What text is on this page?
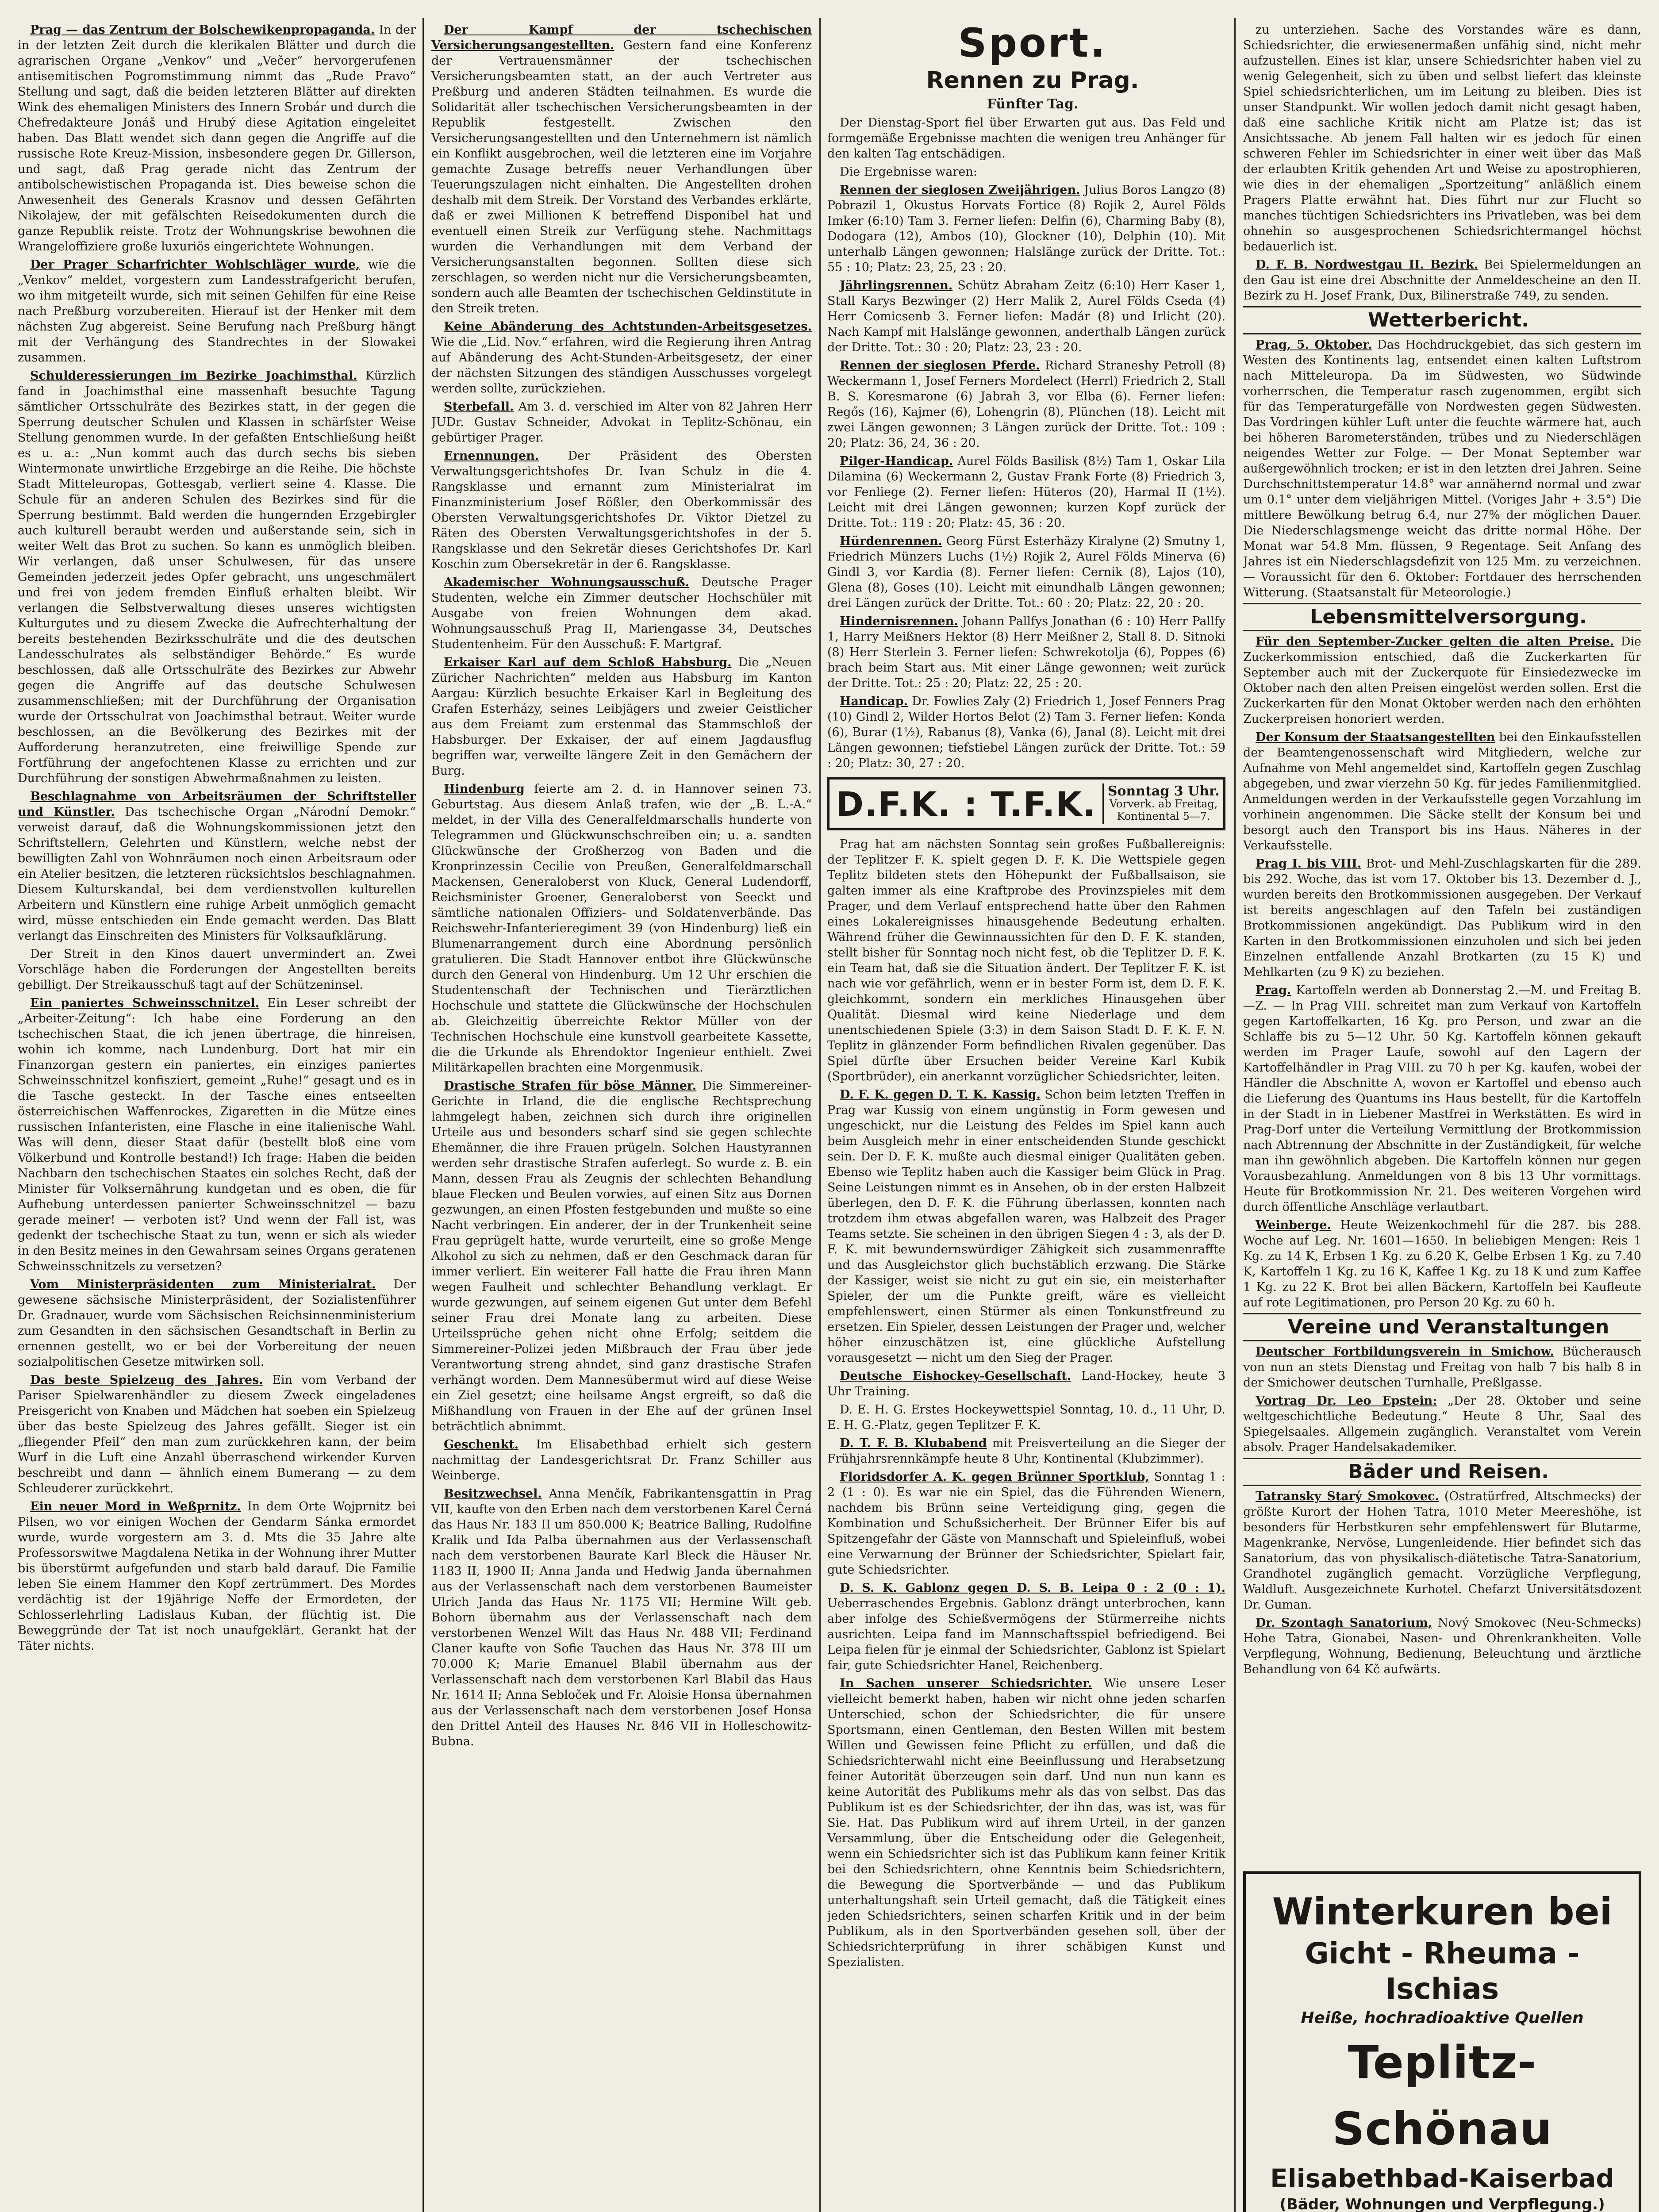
Prag — das Zentrum der Bolschewikenpropaganda. In der in der letzten Zeit durch die klerikalen Blätter und durch die agrarischen Organe „Venkov“ und „Večer“ hervorgerufenen antisemitischen Pogromstimmung nimmt das „Rude Pravo“ Stellung und sagt, daß die beiden letzteren Blätter auf direkten Wink des ehemaligen Ministers des Innern Srobár und durch die Chefredakteure Jonáš und Hrubý diese Agitation eingeleitet haben. Das Blatt wendet sich dann gegen die Angriffe auf die russische Rote Kreuz-Mission, insbesondere gegen Dr. Gillerson, und sagt, daß Prag gerade nicht das Zentrum der antibolschewistischen Propaganda ist. Dies beweise schon die Anwesenheit des Generals Krasnov und dessen Gefährten Nikolajew, der mit gefälschten Reisedokumenten durch die ganze Republik reiste. Trotz der Wohnungskrise bewohnen die Wrangeloffiziere große luxuriös eingerichtete Wohnungen.

Der Prager Scharfrichter Wohlschläger wurde, wie die „Venkov“ meldet, vorgestern zum Landesstrafgericht berufen, wo ihm mitgeteilt wurde, sich mit seinen Gehilfen für eine Reise nach Preßburg vorzubereiten. Hierauf ist der Henker mit dem nächsten Zug abgereist. Seine Berufung nach Preßburg hängt mit der Verhängung des Standrechtes in der Slowakei zusammen.

Schulderessierungen im Bezirke Joachimsthal. Kürzlich fand in Joachimsthal eine massenhaft besuchte Tagung sämtlicher Ortsschulräte des Bezirkes statt, in der gegen die Sperrung deutscher Schulen und Klassen in schärfster Weise Stellung genommen wurde. In der gefaßten Entschließung heißt es u. a.: „Nun kommt auch das durch sechs bis sieben Wintermonate unwirtliche Erzgebirge an die Reihe. Die höchste Stadt Mitteleuropas, Gottesgab, verliert seine 4. Klasse. Die Schule für an anderen Schulen des Bezirkes sind für die Sperrung bestimmt. Bald werden die hungernden Erzgebirgler auch kulturell beraubt werden und außerstande sein, sich in weiter Welt das Brot zu suchen. So kann es unmöglich bleiben. Wir verlangen, daß unser Schulwesen, für das unsere Gemeinden jederzeit jedes Opfer gebracht, uns ungeschmälert und frei von jedem fremden Einfluß erhalten bleibt. Wir verlangen die Selbstverwaltung dieses unseres wichtigsten Kulturgutes und zu diesem Zwecke die Aufrechterhaltung der bereits bestehenden Bezirksschulräte und die des deutschen Landesschulrates als selbständiger Behörde.“ Es wurde beschlossen, daß alle Ortsschulräte des Bezirkes zur Abwehr gegen die Angriffe auf das deutsche Schulwesen zusammenschließen; mit der Durchführung der Organisation wurde der Ortsschulrat von Joachimsthal betraut. Weiter wurde beschlossen, an die Bevölkerung des Bezirkes mit der Aufforderung heranzutreten, eine freiwillige Spende zur Fortführung der angefochtenen Klasse zu errichten und zur Durchführung der sonstigen Abwehrmaßnahmen zu leisten.

Beschlagnahme von Arbeitsräumen der Schriftsteller und Künstler. Das tschechische Organ „Národní Demokr.“ verweist darauf, daß die Wohnungskommissionen jetzt den Schriftstellern, Gelehrten und Künstlern, welche nebst der bewilligten Zahl von Wohnräumen noch einen Arbeitsraum oder ein Atelier besitzen, die letzteren rücksichtslos beschlagnahmen. Diesem Kulturskandal, bei dem verdienstvollen kulturellen Arbeitern und Künstlern eine ruhige Arbeit unmöglich gemacht wird, müsse entschieden ein Ende gemacht werden. Das Blatt verlangt das Einschreiten des Ministers für Volksaufklärung.

Der Streit in den Kinos dauert unvermindert an. Zwei Vorschläge haben die Forderungen der Angestellten bereits gebilligt. Der Streikausschuß tagt auf der Schützeninsel.

Ein paniertes Schweinsschnitzel. Ein Leser schreibt der „Arbeiter-Zeitung“: Ich habe eine Forderung an den tschechischen Staat, die ich jenen übertrage, die hinreisen, wohin ich komme, nach Lundenburg. Dort hat mir ein Finanzorgan gestern ein paniertes, ein einziges paniertes Schweinsschnitzel konfisziert, gemeint „Ruhe!“ gesagt und es in die Tasche gesteckt. In der Tasche eines entseelten österreichischen Waffenrockes, Zigaretten in die Mütze eines russischen Infanteristen, eine Flasche in eine italienische Wahl. Was will denn, dieser Staat dafür (bestellt bloß eine vom Völkerbund und Kontrolle bestand!) Ich frage: Haben die beiden Nachbarn den tschechischen Staates ein solches Recht, daß der Minister für Volksernährung kundgetan und es oben, die für Aufhebung unterdessen panierter Schweinsschnitzel — bazu gerade meiner! — verboten ist? Und wenn der Fall ist, was gedenkt der tschechische Staat zu tun, wenn er sich als wieder in den Besitz meines in den Gewahrsam seines Organs geratenen Schweinsschnitzels zu versetzen?

Vom Ministerpräsidenten zum Ministerialrat. Der gewesene sächsische Ministerpräsident, der Sozialistenführer Dr. Gradnauer, wurde vom Sächsischen Reichsinnenministerium zum Gesandten in den sächsischen Gesandtschaft in Berlin zu ernennen gestellt, wo er bei der Vorbereitung der neuen sozialpolitischen Gesetze mitwirken soll.

Das beste Spielzeug des Jahres. Ein vom Verband der Pariser Spielwarenhändler zu diesem Zweck eingeladenes Preisgericht von Knaben und Mädchen hat soeben ein Spielzeug über das beste Spielzeug des Jahres gefällt. Sieger ist ein „fliegender Pfeil“ den man zum zurückkehren kann, der beim Wurf in die Luft eine Anzahl überraschend wirkender Kurven beschreibt und dann — ähnlich einem Bumerang — zu dem Schleuderer zurückkehrt.

Ein neuer Mord in Weßprnitz. In dem Orte Wojprnitz bei Pilsen, wo vor einigen Wochen der Gendarm Sánka ermordet wurde, wurde vorgestern am 3. d. Mts die 35 Jahre alte Professorswitwe Magdalena Netika in der Wohnung ihrer Mutter bis überstürmt aufgefunden und starb bald darauf. Die Familie leben Sie einem Hammer den Kopf zertrümmert. Des Mordes verdächtig ist der 19jährige Neffe der Ermordeten, der Schlosserlehrling Ladislaus Kuban, der flüchtig ist. Die Beweggründe der Tat ist noch unaufgeklärt. Gerankt hat der Täter nichts.

Der Kampf der tschechischen Versicherungsangestellten. Gestern fand eine Konferenz der Vertrauensmänner der tschechischen Versicherungsbeamten statt, an der auch Vertreter aus Preßburg und anderen Städten teilnahmen. Es wurde die Solidarität aller tschechischen Versicherungsbeamten in der Republik festgestellt. Zwischen den Versicherungsangestellten und den Unternehmern ist nämlich ein Konflikt ausgebrochen, weil die letzteren eine im Vorjahre gemachte Zusage betreffs neuer Verhandlungen über Teuerungszulagen nicht einhalten. Die Angestellten drohen deshalb mit dem Streik. Der Vorstand des Verbandes erklärte, daß er zwei Millionen K betreffend Disponibel hat und eventuell einen Streik zur Verfügung stehe. Nachmittags wurden die Verhandlungen mit dem Verband der Versicherungsanstalten begonnen. Sollten diese sich zerschlagen, so werden nicht nur die Versicherungsbeamten, sondern auch alle Beamten der tschechischen Geldinstitute in den Streik treten.

Keine Abänderung des Achtstunden-Arbeitsgesetzes. Wie die „Lid. Nov.“ erfahren, wird die Regierung ihren Antrag auf Abänderung des Acht-Stunden-Arbeitsgesetz, der einer der nächsten Sitzungen des ständigen Ausschusses vorgelegt werden sollte, zurückziehen.

Sterbefall. Am 3. d. verschied im Alter von 82 Jahren Herr JUDr. Gustav Schneider, Advokat in Teplitz-Schönau, ein gebürtiger Prager.

Ernennungen. Der Präsident des Obersten Verwaltungsgerichtshofes Dr. Ivan Schulz in die 4. Rangsklasse und ernannt zum Ministerialrat im Finanzministerium Josef Rößler, den Oberkommissär des Obersten Verwaltungsgerichtshofes Dr. Viktor Dietzel zu Räten des Obersten Verwaltungsgerichtshofes in der 5. Rangsklasse und den Sekretär dieses Gerichtshofes Dr. Karl Koschin zum Obersekretär in der 6. Rangsklasse.

Akademischer Wohnungsausschuß. Deutsche Prager Studenten, welche ein Zimmer deutscher Hochschüler mit Ausgabe von freien Wohnungen dem akad. Wohnungsausschuß Prag II, Mariengasse 34, Deutsches Studentenheim. Für den Ausschuß: F. Martgraf.

Erkaiser Karl auf dem Schloß Habsburg. Die „Neuen Züricher Nachrichten“ melden aus Habsburg im Kanton Aargau: Kürzlich besuchte Erkaiser Karl in Begleitung des Grafen Esterházy, seines Leibjägers und zweier Geistlicher aus dem Freiamt zum erstenmal das Stammschloß der Habsburger. Der Exkaiser, der auf einem Jagdausflug begriffen war, verweilte längere Zeit in den Gemächern der Burg.

Hindenburg feierte am 2. d. in Hannover seinen 73. Geburtstag. Aus diesem Anlaß trafen, wie der „B. L.-A.“ meldet, in der Villa des Generalfeldmarschalls hunderte von Telegrammen und Glückwunschschreiben ein; u. a. sandten Glückwünsche der Großherzog von Baden und die Kronprinzessin Cecilie von Preußen, Generalfeldmarschall Mackensen, Generaloberst von Kluck, General Ludendorff, Reichsminister Groener, Generaloberst von Seeckt und sämtliche nationalen Offiziers- und Soldatenverbände. Das Reichswehr-Infanterieregiment 39 (von Hindenburg) ließ ein Blumenarrangement durch eine Abordnung persönlich gratulieren. Die Stadt Hannover entbot ihre Glückwünsche durch den General von Hindenburg. Um 12 Uhr erschien die Studentenschaft der Technischen und Tierärztlichen Hochschule und stattete die Glückwünsche der Hochschulen ab. Gleichzeitig überreichte Rektor Müller von der Technischen Hochschule eine kunstvoll gearbeitete Kassette, die die Urkunde als Ehrendoktor Ingenieur enthielt. Zwei Militärkapellen brachten eine Morgenmusik.

Drastische Strafen für böse Männer. Die Simmereiner-Gerichte in Irland, die die englische Rechtsprechung lahmgelegt haben, zeichnen sich durch ihre originellen Urteile aus und besonders scharf sind sie gegen schlechte Ehemänner, die ihre Frauen prügeln. Solchen Haustyrannen werden sehr drastische Strafen auferlegt. So wurde z. B. ein Mann, dessen Frau als Zeugnis der schlechten Behandlung blaue Flecken und Beulen vorwies, auf einen Sitz aus Dornen gezwungen, an einen Pfosten festgebunden und mußte so eine Nacht verbringen. Ein anderer, der in der Trunkenheit seine Frau geprügelt hatte, wurde verurteilt, eine so große Menge Alkohol zu sich zu nehmen, daß er den Geschmack daran für immer verliert. Ein weiterer Fall hatte die Frau ihren Mann wegen Faulheit und schlechter Behandlung verklagt. Er wurde gezwungen, auf seinem eigenen Gut unter dem Befehl seiner Frau drei Monate lang zu arbeiten. Diese Urteilssprüche gehen nicht ohne Erfolg; seitdem die Simmereiner-Polizei jeden Mißbrauch der Frau über jede Verantwortung streng ahndet, sind ganz drastische Strafen verhängt worden. Dem Mannesübermut wird auf diese Weise ein Ziel gesetzt; eine heilsame Angst ergreift, so daß die Mißhandlung von Frauen in der Ehe auf der grünen Insel beträchtlich abnimmt.

Geschenkt. Im Elisabethbad erhielt sich gestern nachmittag der Landesgerichtsrat Dr. Franz Schiller aus Weinberge.

Besitzwechsel. Anna Menčík, Fabrikantensgattin in Prag VII, kaufte von den Erben nach dem verstorbenen Karel Černá das Haus Nr. 183 II um 850.000 K; Beatrice Balling, Rudolfine Kralik und Ida Palba übernahmen aus der Verlassenschaft nach dem verstorbenen Baurate Karl Bleck die Häuser Nr. 1183 II, 1900 II; Anna Janda und Hedwig Janda übernahmen aus der Verlassenschaft nach dem verstorbenen Baumeister Ulrich Janda das Haus Nr. 1175 VII; Hermine Wilt geb. Bohorn übernahm aus der Verlassenschaft nach dem verstorbenen Wenzel Wilt das Haus Nr. 488 VII; Ferdinand Claner kaufte von Sofie Tauchen das Haus Nr. 378 III um 70.000 K; Marie Emanuel Blabil übernahm aus der Verlassenschaft nach dem verstorbenen Karl Blabil das Haus Nr. 1614 II; Anna Sebloček und Fr. Aloisie Honsa übernahmen aus der Verlassenschaft nach dem verstorbenen Josef Honsa den Drittel Anteil des Hauses Nr. 846 VII in Holleschowitz-Bubna.

Sport.

Rennen zu Prag.

Fünfter Tag.

Der Dienstag-Sport fiel über Erwarten gut aus. Das Feld und formgemäße Ergebnisse machten die wenigen treu Anhänger für den kalten Tag entschädigen.

Die Ergebnisse waren:

Rennen der sieglosen Zweijährigen. Julius Boros Langzo (8) Pobrazil 1, Okustus Horvats Fortice (8) Rojik 2, Aurel Földs Imker (6:10) Tam 3. Ferner liefen: Delfin (6), Charming Baby (8), Dodogara (12), Ambos (10), Glockner (10), Delphin (10). Mit unterhalb Längen gewonnen; Halslänge zurück der Dritte. Tot.: 55 : 10; Platz: 23, 25, 23 : 20.

Jährlingsrennen. Schütz Abraham Zeitz (6:10) Herr Kaser 1, Stall Karys Bezwinger (2) Herr Malik 2, Aurel Földs Cseda (4) Herr Comicsenb 3. Ferner liefen: Madár (8) und Irlicht (20). Nach Kampf mit Halslänge gewonnen, anderthalb Längen zurück der Dritte. Tot.: 30 : 20; Platz: 23, 23 : 20.

Rennen der sieglosen Pferde. Richard Straneshy Petroll (8) Weckermann 1, Josef Ferners Mordelect (Herrl) Friedrich 2, Stall B. S. Koresmarone (6) Jabrah 3, vor Elba (6). Ferner liefen: Regős (16), Kajmer (6), Lohengrin (8), Plünchen (18). Leicht mit zwei Längen gewonnen; 3 Längen zurück der Dritte. Tot.: 109 : 20; Platz: 36, 24, 36 : 20.

Pilger-Handicap. Aurel Földs Basilisk (8½) Tam 1, Oskar Lila Dilamina (6) Weckermann 2, Gustav Frank Forte (8) Friedrich 3, vor Fenliege (2). Ferner liefen: Hüteros (20), Harmal II (1½). Leicht mit drei Längen gewonnen; kurzen Kopf zurück der Dritte. Tot.: 119 : 20; Platz: 45, 36 : 20.

Hürdenrennen. Georg Fürst Esterhäzy Kiralyne (2) Smutny 1, Friedrich Münzers Luchs (1½) Rojik 2, Aurel Földs Minerva (6) Gindl 3, vor Kardia (8). Ferner liefen: Cernik (8), Lajos (10), Glena (8), Goses (10). Leicht mit einundhalb Längen gewonnen; drei Längen zurück der Dritte. Tot.: 60 : 20; Platz: 22, 20 : 20.

Hindernisrennen. Johann Pallfys Jonathan (6 : 10) Herr Pallfy 1, Harry Meißners Hektor (8) Herr Meißner 2, Stall 8. D. Sitnoki (8) Herr Sterlein 3. Ferner liefen: Schwrekotolja (6), Poppes (6) brach beim Start aus. Mit einer Länge gewonnen; weit zurück der Dritte. Tot.: 25 : 20; Platz: 22, 25 : 20.

Handicap. Dr. Fowlies Zaly (2) Friedrich 1, Josef Fenners Prag (10) Gindl 2, Wilder Hortos Belot (2) Tam 3. Ferner liefen: Konda (6), Burar (1½), Rabanus (8), Vanka (6), Janal (8). Leicht mit drei Längen gewonnen; tiefstiebel Längen zurück der Dritte. Tot.: 59 : 20; Platz: 30, 27 : 20.

D.F.K. : T.F.K. Sonntag 3 Uhr.
Vorverk. ab Freitag,
Kontinental 5—7.

Prag hat am nächsten Sonntag sein großes Fußballereignis: der Teplitzer F. K. spielt gegen D. F. K. Die Wettspiele gegen Teplitz bildeten stets den Höhepunkt der Fußballsaison, sie galten immer als eine Kraftprobe des Provinzspieles mit dem Prager, und dem Verlauf entsprechend hatte über den Rahmen eines Lokalereignisses hinausgehende Bedeutung erhalten. Während früher die Gewinnaussichten für den D. F. K. standen, stellt bisher für Sonntag noch nicht fest, ob die Teplitzer D. F. K. ein Team hat, daß sie die Situation ändert. Der Teplitzer F. K. ist nach wie vor gefährlich, wenn er in bester Form ist, dem D. F. K. gleichkommt, sondern ein merkliches Hinausgehen über Qualität. Diesmal wird keine Niederlage und dem unentschiedenen Spiele (3:3) in dem Saison Stadt D. F. K. F. N. Teplitz in glänzender Form befindlichen Rivalen gegenüber. Das Spiel dürfte über Ersuchen beider Vereine Karl Kubik (Sportbrüder), ein anerkannt vorzüglicher Schiedsrichter, leiten.

D. F. K. gegen D. T. K. Kassig. Schon beim letzten Treffen in Prag war Kussig von einem ungünstig in Form gewesen und ungeschickt, nur die Leistung des Feldes im Spiel kann auch beim Ausgleich mehr in einer entscheidenden Stunde geschickt sein. Der D. F. K. mußte auch diesmal einiger Qualitäten geben. Ebenso wie Teplitz haben auch die Kassiger beim Glück in Prag. Seine Leistungen nimmt es in Ansehen, ob in der ersten Halbzeit überlegen, den D. F. K. die Führung überlassen, konnten nach trotzdem ihm etwas abgefallen waren, was Halbzeit des Prager Teams setzte. Sie scheinen in den übrigen Siegen 4 : 3, als der D. F. K. mit bewundernswürdiger Zähigkeit sich zusammenraffte und das Ausgleichstor glich buchstäblich erzwang. Die Stärke der Kassiger, weist sie nicht zu gut ein sie, ein meisterhafter Spieler, der um die Punkte greift, wäre es vielleicht empfehlenswert, einen Stürmer als einen Tonkunstfreund zu ersetzen. Ein Spieler, dessen Leistungen der Prager und, welcher höher einzuschätzen ist, eine glückliche Aufstellung vorausgesetzt — nicht um den Sieg der Prager.

Deutsche Eishockey-Gesellschaft. Land-Hockey, heute 3 Uhr Training.

D. E. H. G. Erstes Hockeywettspiel Sonntag, 10. d., 11 Uhr, D. E. H. G.-Platz, gegen Teplitzer F. K.

D. T. F. B. Klubabend mit Preisverteilung an die Sieger der Frühjahrsrennkämpfe heute 8 Uhr, Kontinental (Klubzimmer).

Floridsdorfer A. K. gegen Brünner Sportklub, Sonntag 1 : 2 (1 : 0). Es war nie ein Spiel, das die Führenden Wienern, nachdem bis Brünn seine Verteidigung ging, gegen die Kombination und Schußsicherheit. Der Brünner Eifer bis auf Spitzengefahr der Gäste von Mannschaft und Spieleinfluß, wobei eine Verwarnung der Brünner der Schiedsrichter, Spielart fair, gute Schiedsrichter.

D. S. K. Gablonz gegen D. S. B. Leipa 0 : 2 (0 : 1). Ueberraschendes Ergebnis. Gablonz drängt unterbrochen, kann aber infolge des Schießvermögens der Stürmerreihe nichts ausrichten. Leipa fand im Mannschaftsspiel befriedigend. Bei Leipa fielen für je einmal der Schiedsrichter, Gablonz ist Spielart fair, gute Schiedsrichter Hanel, Reichenberg.

In Sachen unserer Schiedsrichter. Wie unsere Leser vielleicht bemerkt haben, haben wir nicht ohne jeden scharfen Unterschied, schon der Schiedsrichter, die für unsere Sportsmann, einen Gentleman, den Besten Willen mit bestem Willen und Gewissen feine Pflicht zu erfüllen, und daß die Schiedsrichterwahl nicht eine Beeinflussung und Herabsetzung feiner Autorität überzeugen sein darf. Und nun nun kann es keine Autorität des Publikums mehr als das von selbst. Das das Publikum ist es der Schiedsrichter, der ihn das, was ist, was für Sie. Hat. Das Publikum wird auf ihrem Urteil, in der ganzen Versammlung, über die Entscheidung oder die Gelegenheit, wenn ein Schiedsrichter sich ist das Publikum kann feiner Kritik bei den Schiedsrichtern, ohne Kenntnis beim Schiedsrichtern, die Bewegung die Sportverbände — und das Publikum unterhaltungshaft sein Urteil gemacht, daß die Tätigkeit eines jeden Schiedsrichters, seinen scharfen Kritik und in der beim Publikum, als in den Sportverbänden gesehen soll, über der Schiedsrichterprüfung in ihrer schäbigen Kunst und Spezialisten.

zu unterziehen. Sache des Vorstandes wäre es dann, Schiedsrichter, die erwiesenermaßen unfähig sind, nicht mehr aufzustellen. Eines ist klar, unsere Schiedsrichter haben viel zu wenig Gelegenheit, sich zu üben und selbst liefert das kleinste Spiel schiedsrichterlichen, um im Leitung zu bleiben. Dies ist unser Standpunkt. Wir wollen jedoch damit nicht gesagt haben, daß eine sachliche Kritik nicht am Platze ist; das ist Ansichtssache. Ab jenem Fall halten wir es jedoch für einen schweren Fehler im Schiedsrichter in einer weit über das Maß der erlaubten Kritik gehenden Art und Weise zu apostrophieren, wie dies in der ehemaligen „Sportzeitung“ anläßlich einem Pragers Platte erwähnt hat. Dies führt nur zur Flucht so manches tüchtigen Schiedsrichters ins Privatleben, was bei dem ohnehin so ausgesprochenen Schiedsrichtermangel höchst bedauerlich ist.

D. F. B. Nordwestgau II. Bezirk. Bei Spielermeldungen an den Gau ist eine drei Abschnitte der Anmeldescheine an den II. Bezirk zu H. Josef Frank, Dux, Bilinerstraße 749, zu senden.

Wetterbericht.

Prag, 5. Oktober. Das Hochdruckgebiet, das sich gestern im Westen des Kontinents lag, entsendet einen kalten Luftstrom nach Mitteleuropa. Da im Südwesten, wo Südwinde vorherrschen, die Temperatur rasch zugenommen, ergibt sich für das Temperaturgefälle von Nordwesten gegen Südwesten. Das Vordringen kühler Luft unter die feuchte wärmere hat, auch bei höheren Barometerständen, trübes und zu Niederschlägen neigendes Wetter zur Folge. — Der Monat September war außergewöhnlich trocken; er ist in den letzten drei Jahren. Seine Durchschnittstemperatur 14.8° war annähernd normal und zwar um 0.1° unter dem vieljährigen Mittel. (Voriges Jahr + 3.5°) Die mittlere Bewölkung betrug 6.4, nur 27% der möglichen Dauer. Die Niederschlagsmenge weicht das dritte normal Höhe. Der Monat war 54.8 Mm. flüssen, 9 Regentage. Seit Anfang des Jahres ist ein Niederschlagsdefizit von 125 Mm. zu verzeichnen. — Voraussicht für den 6. Oktober: Fortdauer des herrschenden Witterung. (Staatsanstalt für Meteorologie.)

Lebensmittelversorgung.

Für den September-Zucker gelten die alten Preise. Die Zuckerkommission entschied, daß die Zuckerkarten für September auch mit der Zuckerquote für Einsiedezwecke im Oktober nach den alten Preisen eingelöst werden sollen. Erst die Zuckerkarten für den Monat Oktober werden nach den erhöhten Zuckerpreisen honoriert werden.

Der Konsum der Staatsangestellten bei den Einkaufsstellen der Beamtengenossenschaft wird Mitgliedern, welche zur Aufnahme von Mehl angemeldet sind, Kartoffeln gegen Zuschlag abgegeben, und zwar vierzehn 50 Kg. für jedes Familienmitglied. Anmeldungen werden in der Verkaufsstelle gegen Vorzahlung im vorhinein angenommen. Die Säcke stellt der Konsum bei und besorgt auch den Transport bis ins Haus. Näheres in der Verkaufsstelle.

Prag I. bis VIII. Brot- und Mehl-Zuschlagskarten für die 289. bis 292. Woche, das ist vom 17. Oktober bis 13. Dezember d. J., wurden bereits den Brotkommissionen ausgegeben. Der Verkauf ist bereits angeschlagen auf den Tafeln bei zuständigen Brotkommissionen angekündigt. Das Publikum wird in den Karten in den Brotkommissionen einzuholen und sich bei jeden Einzelnen entfallende Anzahl Brotkarten (zu 15 K) und Mehlkarten (zu 9 K) zu beziehen.

Prag. Kartoffeln werden ab Donnerstag 2.—M. und Freitag B.—Z. — In Prag VIII. schreitet man zum Verkauf von Kartoffeln gegen Kartoffelkarten, 16 Kg. pro Person, und zwar an die Schlaffe bis zu 5—12 Uhr. 50 Kg. Kartoffeln können gekauft werden im Prager Laufe, sowohl auf den Lagern der Kartoffelhändler in Prag VIII. zu 70 h per Kg. kaufen, wobei der Händler die Abschnitte A, wovon er Kartoffel und ebenso auch die Lieferung des Quantums ins Haus bestellt, für die Kartoffeln in der Stadt in in Liebener Mastfrei in Werkstätten. Es wird in Prag-Dorf unter die Verteilung Vermittlung der Brotkommission nach Abtrennung der Abschnitte in der Zuständigkeit, für welche man ihn gewöhnlich abgeben. Die Kartoffeln können nur gegen Vorausbezahlung. Anmeldungen von 8 bis 13 Uhr vormittags. Heute für Brotkommission Nr. 21. Des weiteren Vorgehen wird durch öffentliche Anschläge verlautbart.

Weinberge. Heute Weizenkochmehl für die 287. bis 288. Woche auf Leg. Nr. 1601—1650. In beliebigen Mengen: Reis 1 Kg. zu 14 K, Erbsen 1 Kg. zu 6.20 K, Gelbe Erbsen 1 Kg. zu 7.40 K, Kartoffeln 1 Kg. zu 16 K, Kaffee 1 Kg. zu 18 K und zum Kaffee 1 Kg. zu 22 K. Brot bei allen Bäckern, Kartoffeln bei Kaufleute auf rote Legitimationen, pro Person 20 Kg. zu 60 h.

Vereine und Veranstaltungen

Deutscher Fortbildungsverein in Smichow. Bücherausch von nun an stets Dienstag und Freitag von halb 7 bis halb 8 in der Smichower deutschen Turnhalle, Preßlgasse.

Vortrag Dr. Leo Epstein: „Der 28. Oktober und seine weltgeschichtliche Bedeutung.“ Heute 8 Uhr, Saal des Spiegelsaales. Allgemein zugänglich. Veranstaltet vom Verein absolv. Prager Handelsakademiker.

Bäder und Reisen.

Tatransky Starý Smokovec. (Ostratürfred, Altschmecks) der größte Kurort der Hohen Tatra, 1010 Meter Meereshöhe, ist besonders für Herbstkuren sehr empfehlenswert für Blutarme, Magenkranke, Nervöse, Lungenleidende. Hier befindet sich das Sanatorium, das von physikalisch-diätetische Tatra-Sanatorium, Grandhotel zugänglich gemacht. Vorzügliche Verpflegung, Waldluft. Ausgezeichnete Kurhotel. Chefarzt Universitätsdozent Dr. Guman.

Dr. Szontagh Sanatorium, Nový Smokovec (Neu-Schmecks) Hohe Tatra, Gionabei, Nasen- und Ohrenkrankheiten. Volle Verpflegung, Wohnung, Bedienung, Beleuchtung und ärztliche Behandlung von 64 Kč aufwärts.

Winterkuren bei
Gicht - Rheuma - Ischias
Heiße, hochradioaktive Quellen
Teplitz-Schönau
Elisabethbad-Kaiserbad
(Bäder, Wohnungen und Verpflegung.)
